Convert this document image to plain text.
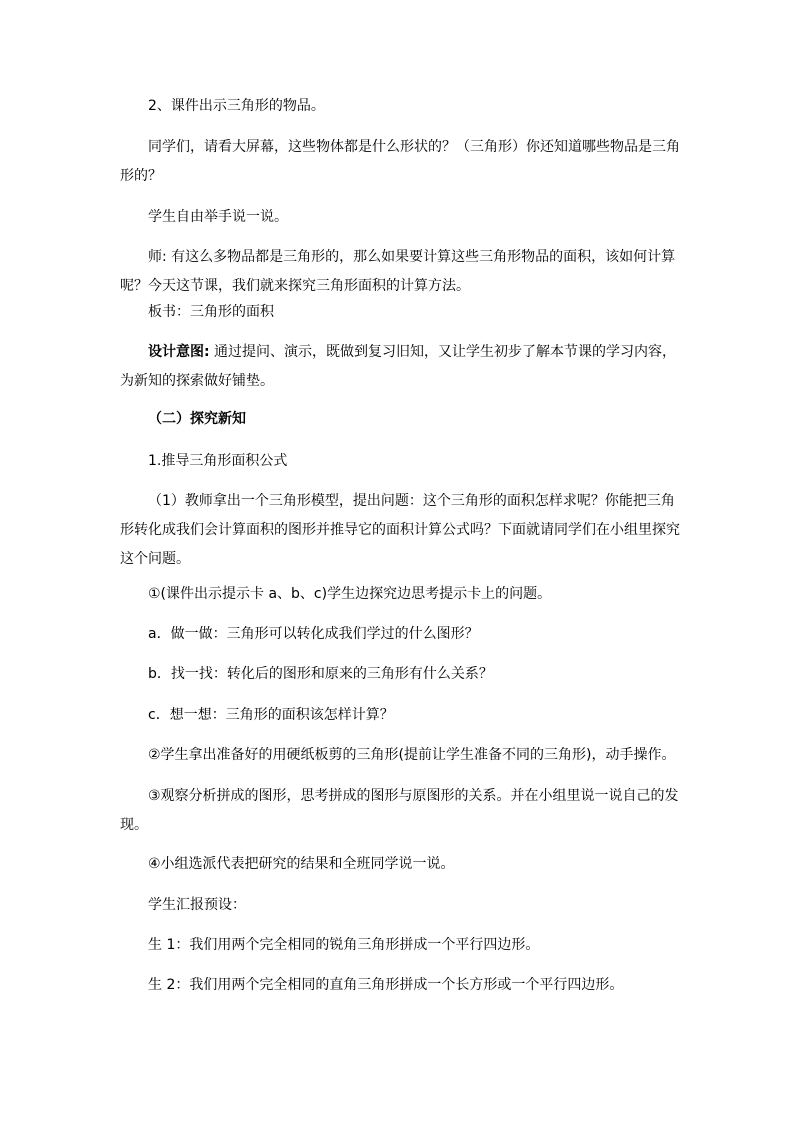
2、课件出示三角形的物品。

同学们，请看大屏幕，这些物体都是什么形状的？（三角形）你还知道哪些物品是三角形的？

学生自由举手说一说。

师: 有这么多物品都是三角形的，那么如果要计算这些三角形物品的面积，该如何计算呢？今天这节课，我们就来探究三角形面积的计算方法。

板书：三角形的面积

设计意图: 通过提问、演示，既做到复习旧知，又让学生初步了解本节课的学习内容，为新知的探索做好铺垫。

（二）探究新知

1.推导三角形面积公式

（1）教师拿出一个三角形模型，提出问题：这个三角形的面积怎样求呢？你能把三角形转化成我们会计算面积的图形并推导它的面积计算公式吗？下面就请同学们在小组里探究这个问题。

①(课件出示提示卡 a、b、c)学生边探究边思考提示卡上的问题。

a．做一做：三角形可以转化成我们学过的什么图形？

b．找一找：转化后的图形和原来的三角形有什么关系？

c．想一想：三角形的面积该怎样计算？

②学生拿出准备好的用硬纸板剪的三角形(提前让学生准备不同的三角形)，动手操作。

③观察分析拼成的图形，思考拼成的图形与原图形的关系。并在小组里说一说自己的发现。

④小组选派代表把研究的结果和全班同学说一说。

学生汇报预设：

生 1：我们用两个完全相同的锐角三角形拼成一个平行四边形。

生 2：我们用两个完全相同的直角三角形拼成一个长方形或一个平行四边形。
